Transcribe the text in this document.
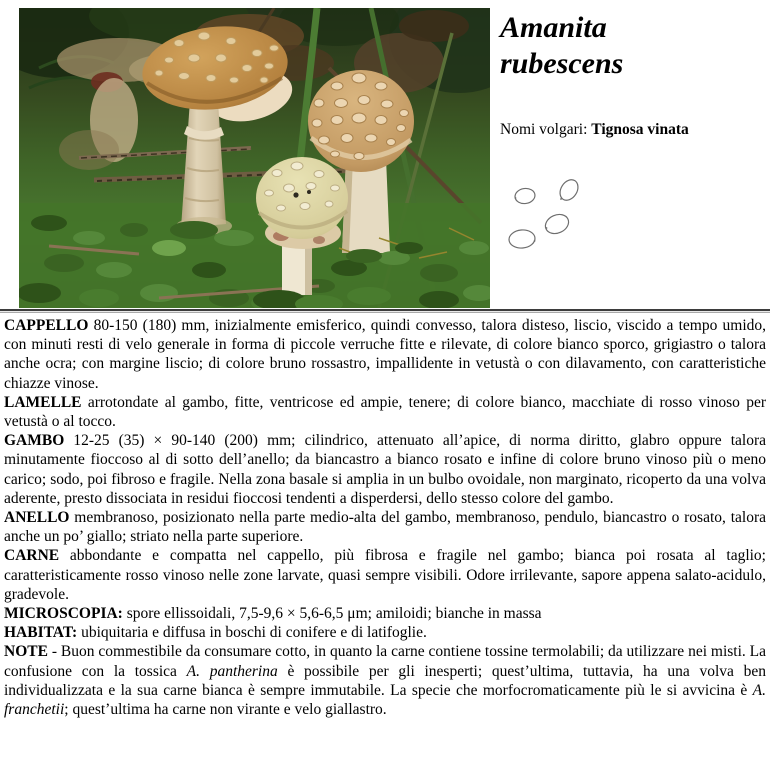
Amanita rubescens

Nomi volgari: Tignosa vinata

CAPPELLO 80-150 (180) mm, inizialmente emisferico, quindi convesso, talora disteso, liscio, viscido a tempo umido, con minuti resti di velo generale in forma di piccole verruche fitte e rilevate, di colore bianco sporco, grigiastro o talora anche ocra; con margine liscio; di colore bruno rossastro, impallidente in vetustà o con dilavamento, con caratteristiche chiazze vinose.

LAMELLE arrotondate al gambo, fitte, ventricose ed ampie, tenere; di colore bianco, macchiate di rosso vinoso per vetustà o al tocco.

GAMBO 12-25 (35) × 90-140 (200) mm; cilindrico, attenuato all’apice, di norma diritto, glabro oppure talora minutamente fioccoso al di sotto dell’anello; da biancastro a bianco rosato e infine di colore bruno vinoso più o meno carico; sodo, poi fibroso e fragile. Nella zona basale si amplia in un bulbo ovoidale, non marginato, ricoperto da una volva aderente, presto dissociata in residui fioccosi tendenti a disperdersi, dello stesso colore del gambo.

ANELLO membranoso, posizionato nella parte medio-alta del gambo, membranoso, pendulo, biancastro o rosato, talora anche un po’ giallo; striato nella parte superiore.

CARNE abbondante e compatta nel cappello, più fibrosa e fragile nel gambo; bianca poi rosata al taglio; caratteristicamente rosso vinoso nelle zone larvate, quasi sempre visibili. Odore irrilevante, sapore appena salato-acidulo, gradevole.

MICROSCOPIA: spore ellissoidali, 7,5-9,6 × 5,6-6,5 μm; amiloidi; bianche in massa

HABITAT: ubiquitaria e diffusa in boschi di conifere e di latifoglie.

NOTE - Buon commestibile da consumare cotto, in quanto la carne contiene tossine termolabili; da utilizzare nei misti. La confusione con la tossica A. pantherina è possibile per gli inesperti; quest’ultima, tuttavia, ha una volva ben individualizzata e la sua carne bianca è sempre immutabile. La specie che morfocromaticamente più le si avvicina è A. franchetii; quest’ultima ha carne non virante e velo giallastro.
